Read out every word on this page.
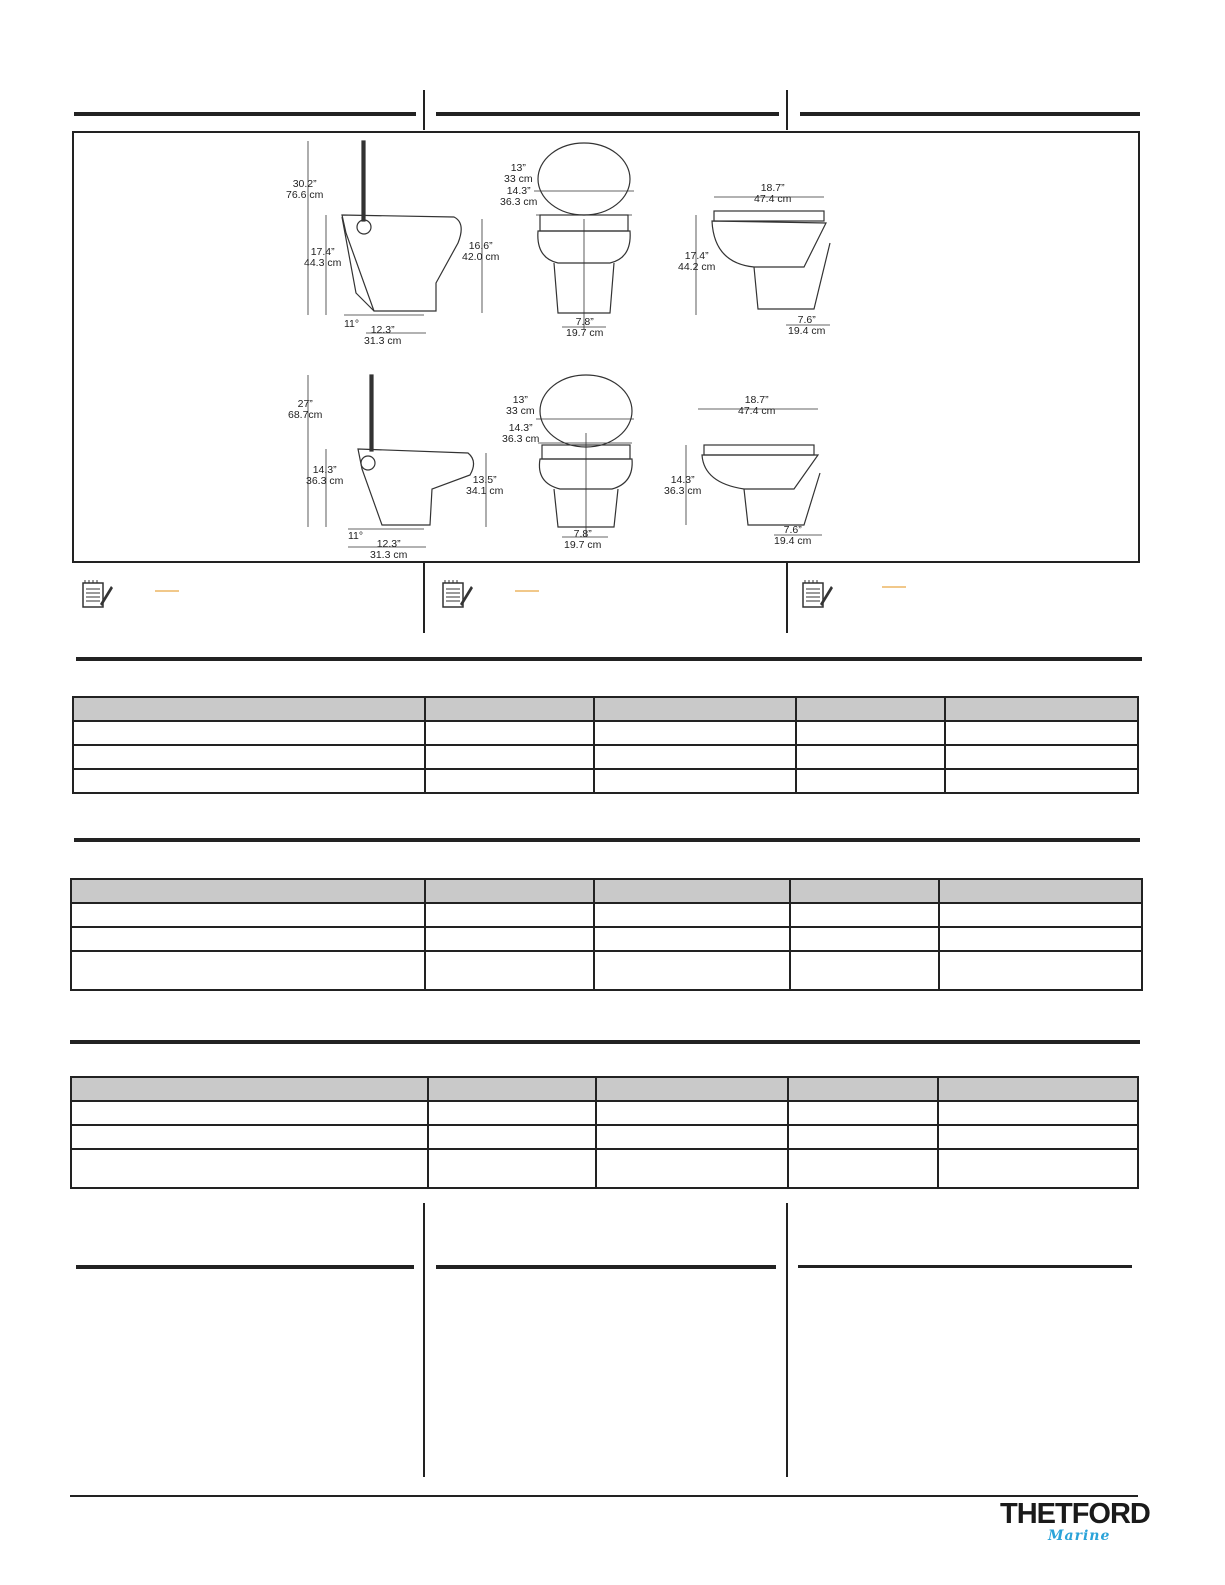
30.2”
76.6 cm
17.4”
44.3 cm
16.6”
42.0 cm
11°	12.3”
31.3 cm
13”
33 cm
14.3”
36.3 cm
7.8”
19.7 cm
18.7”
47.4 cm
17.4”
44.2 cm
7.6”
19.4 cm
27”
68.7cm
14.3”
36.3 cm	13.5”
34.1 cm
11°
12.3”
31.3 cm
13”
33 cm
14.3”
36.3 cm
7.8”
19.7 cm
18.7”
47.4 cm
14.3”
36.3 cm
7.6”
19.4 cm

THETFORD
Marine
